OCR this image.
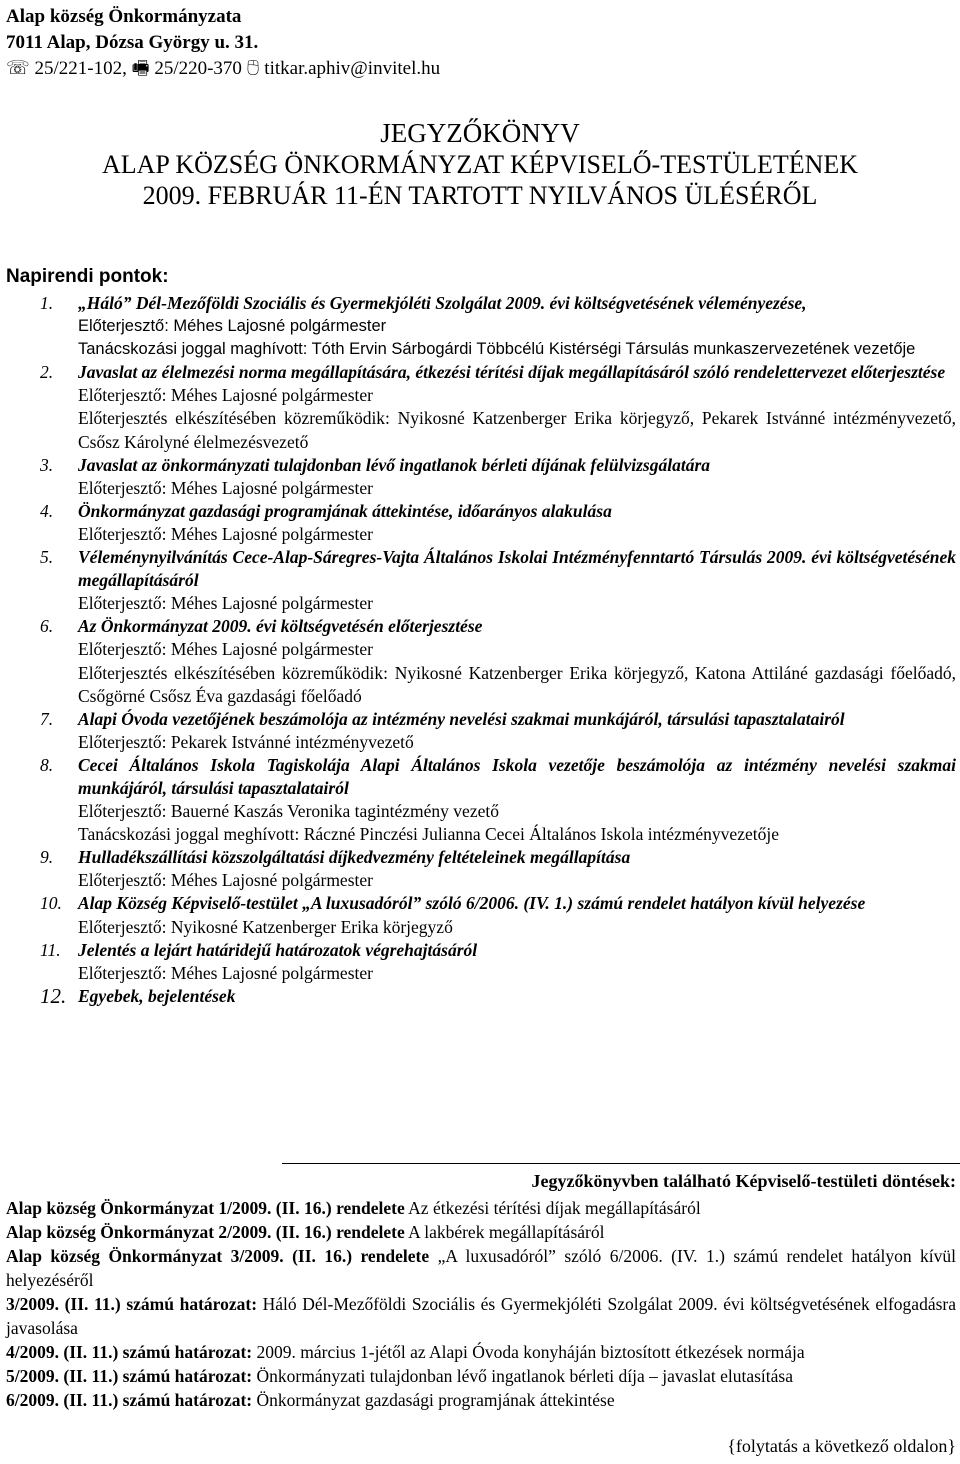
Alap község Önkormányzata
7011 Alap, Dózsa György u. 31.
☏ 25/221-102, 🖷 25/220-370 🖰 titkar.aphiv@invitel.hu
JEGYZŐKÖNYV
ALAP KÖZSÉG ÖNKORMÁNYZAT KÉPVISELŐ-TESTÜLETÉNEK
2009. FEBRUÁR 11-ÉN TARTOTT NYILVÁNOS ÜLÉSÉRŐL
Napirendi pontok:
1. „Háló” Dél-Mezőföldi Szociális és Gyermekjóléti Szolgálat 2009. évi költségvetésének véleményezése,
Előterjesztő: Méhes Lajosné polgármester
Tanácskozási joggal maghívott: Tóth Ervin Sárbogárdi Többcélú Kistérségi Társulás munkaszervezetének vezetője
2. Javaslat az élelmezési norma megállapítására, étkezési térítési díjak megállapításáról szóló rendelettervezet előterjesztése
Előterjesztő: Méhes Lajosné polgármester
Előterjesztés elkészítésében közreműködik: Nyikosné Katzenberger Erika körjegyző, Pekarek Istvánné intézményvezető, Csősz Károlyné élelmezésvezető
3. Javaslat az önkormányzati tulajdonban lévő ingatlanok bérleti díjának felülvizsgálatára
Előterjesztő: Méhes Lajosné polgármester
4. Önkormányzat gazdasági programjának áttekintése, időarányos alakulása
Előterjesztő: Méhes Lajosné polgármester
5. Véleménynyilvánítás Cece-Alap-Sáregres-Vajta Általános Iskolai Intézményfenntartó Társulás 2009. évi költségvetésének megállapításáról
Előterjesztő: Méhes Lajosné polgármester
6. Az Önkormányzat 2009. évi költségvetésén előterjesztése
Előterjesztő: Méhes Lajosné polgármester
Előterjesztés elkészítésében közreműködik: Nyikosné Katzenberger Erika körjegyző, Katona Attiláné gazdasági főelőadó, Csőgörné Csősz Éva gazdasági főelőadó
7. Alapi Óvoda vezetőjének beszámolója az intézmény nevelési szakmai munkájáról, társulási tapasztalatairól
Előterjesztő: Pekarek Istvánné intézményvezető
8. Cecei Általános Iskola Tagiskolája Alapi Általános Iskola vezetője beszámolója az intézmény nevelési szakmai munkájáról, társulási tapasztalatairól
Előterjesztő: Bauerné Kaszás Veronika tagintézmény vezető
Tanácskozási joggal meghívott: Ráczné Pinczési Julianna Cecei Általános Iskola intézményvezetője
9. Hulladékszállítási közszolgáltatási díjkedvezmény feltételeinek megállapítása
Előterjesztő: Méhes Lajosné polgármester
10. Alap Község Képviselő-testület „A luxusadóról” szóló 6/2006. (IV. 1.) számú rendelet hatályon kívül helyezése
Előterjesztő: Nyikosné Katzenberger Erika körjegyző
11. Jelentés a lejárt határidejű határozatok végrehajtásáról
Előterjesztő: Méhes Lajosné polgármester
12. Egyebek, bejelentések
Jegyzőkönyvben található Képviselő-testületi döntések:

Alap község Önkormányzat 1/2009. (II. 16.) rendelete Az étkezési térítési díjak megállapításáról

Alap község Önkormányzat 2/2009. (II. 16.) rendelete A lakbérek megállapításáról

Alap község Önkormányzat 3/2009. (II. 16.) rendelete „A luxusadóról” szóló 6/2006. (IV. 1.) számú rendelet hatályon kívül helyezéséről

3/2009. (II. 11.) számú határozat: Háló Dél-Mezőföldi Szociális és Gyermekjóléti Szolgálat 2009. évi költségvetésének elfogadásra javasolása

4/2009. (II. 11.) számú határozat: 2009. március 1-jétől az Alapi Óvoda konyháján biztosított étkezések normája

5/2009. (II. 11.) számú határozat: Önkormányzati tulajdonban lévő ingatlanok bérleti díja – javaslat elutasítása

6/2009. (II. 11.) számú határozat: Önkormányzat gazdasági programjának áttekintése

{folytatás a következő oldalon}
